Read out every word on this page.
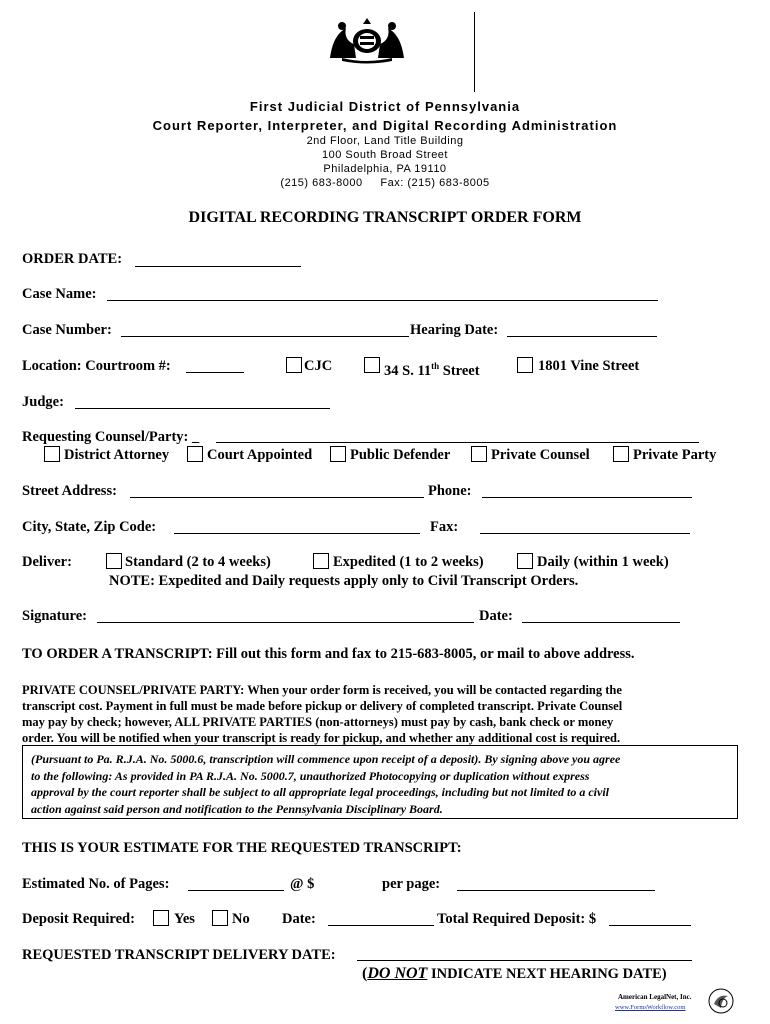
First Judicial District of Pennsylvania
Court Reporter, Interpreter, and Digital Recording Administration
2nd Floor, Land Title Building
100 South Broad Street
Philadelphia, PA 19110
(215) 683-8000 Fax: (215) 683-8005
DIGITAL RECORDING TRANSCRIPT ORDER FORM
ORDER DATE:
Case Name:
Case Number:	Hearing Date:
Location: Courtroom #:	CJC	34 S. 11th Street	1801 Vine Street
Judge:
Requesting Counsel/Party: _
District Attorney	Court Appointed	Public Defender	Private Counsel	Private Party
Street Address:	Phone:
City, State, Zip Code:	Fax:
Deliver:	Standard (2 to 4 weeks)	Expedited (1 to 2 weeks)	Daily (within 1 week)
NOTE: Expedited and Daily requests apply only to Civil Transcript Orders.
Signature:	Date:
TO ORDER A TRANSCRIPT: Fill out this form and fax to 215-683-8005, or mail to above address.
PRIVATE COUNSEL/PRIVATE PARTY: When your order form is received, you will be contacted regarding the
transcript cost. Payment in full must be made before pickup or delivery of completed transcript. Private Counsel
may pay by check; however, ALL PRIVATE PARTIES (non-attorneys) must pay by cash, bank check or money
order. You will be notified when your transcript is ready for pickup, and whether any additional cost is required.
(Pursuant to Pa. R.J.A. No. 5000.6, transcription will commence upon receipt of a deposit). By signing above you agree
to the following: As provided in PA R.J.A. No. 5000.7, unauthorized Photocopying or duplication without express
approval by the court reporter shall be subject to all appropriate legal proceedings, including but not limited to a civil
action against said person and notification to the Pennsylvania Disciplinary Board.
THIS IS YOUR ESTIMATE FOR THE REQUESTED TRANSCRIPT:
Estimated No. of Pages:	@ $	per page:
Deposit Required:	Yes	No Date:	Total Required Deposit: $
REQUESTED TRANSCRIPT DELIVERY DATE:
(DO NOT INDICATE NEXT HEARING DATE)
American LegalNet, Inc.
www.FormsWorkflow.com
